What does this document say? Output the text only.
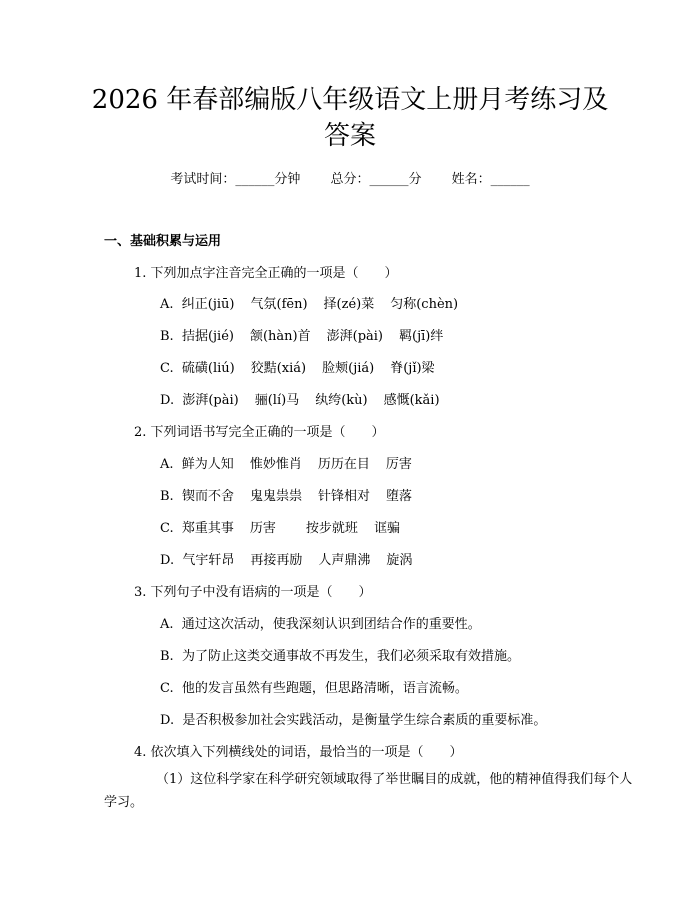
2026 年春部编版八年级语文上册月考练习及
答案
考试时间：______分钟 总分：______分 姓名：______
一、基础积累与运用
1. 下列加点字注音完全正确的一项是（　　）
A. 纠正(jiū) 气氛(fēn) 择(zé)菜 匀称(chèn)
B. 拮据(jié) 颔(hàn)首 澎湃(pài) 羁(jī)绊
C. 硫磺(liú) 狡黠(xiá) 脸颊(jiá) 脊(jǐ)梁
D. 澎湃(pài) 骊(lí)马 纨绔(kù) 感慨(kǎi)
2. 下列词语书写完全正确的一项是（　　）
A. 鲜为人知 惟妙惟肖 历历在目 厉害
B. 锲而不舍 鬼鬼祟祟 针锋相对 堕落
C. 郑重其事 历害 按步就班 诓骗
D. 气宇轩昂 再接再励 人声鼎沸 旋涡
3. 下列句子中没有语病的一项是（　　）
A. 通过这次活动，使我深刻认识到团结合作的重要性。
B. 为了防止这类交通事故不再发生，我们必须采取有效措施。
C. 他的发言虽然有些跑题，但思路清晰，语言流畅。
D. 是否积极参加社会实践活动，是衡量学生综合素质的重要标准。
4. 依次填入下列横线处的词语，最恰当的一项是（　　）
（1）这位科学家在科学研究领域取得了举世瞩目的成就，他的精神值得我们每个人学习。
